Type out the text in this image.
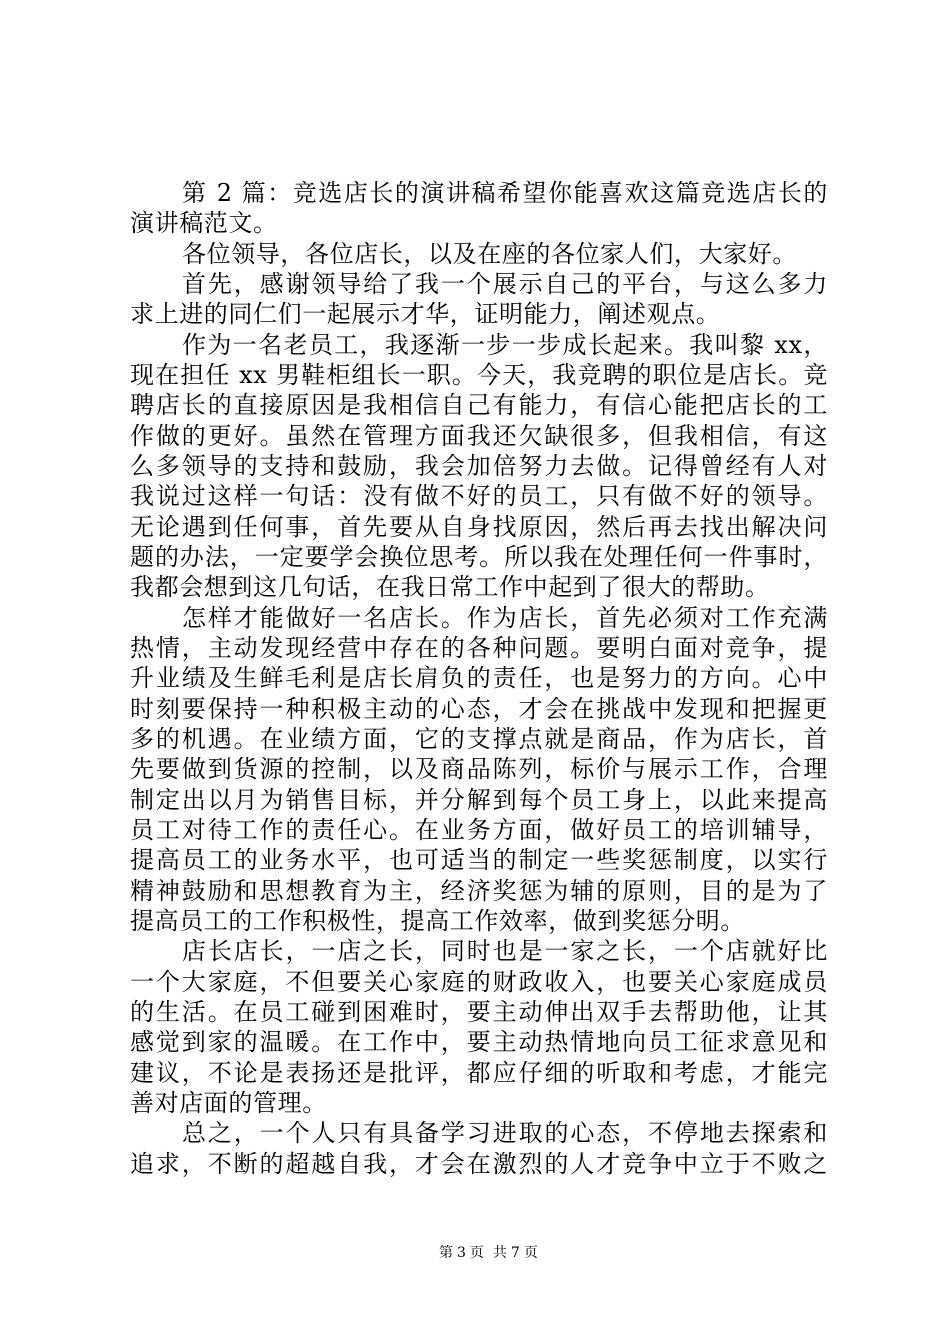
第 2 篇：竞选店长的演讲稿希望你能喜欢这篇竞选店长的
演讲稿范文。
各位领导，各位店长，以及在座的各位家人们，大家好。
首先，感谢领导给了我一个展示自己的平台，与这么多力
求上进的同仁们一起展示才华，证明能力，阐述观点。
作为一名老员工，我逐渐一步一步成长起来。我叫黎 xx，
现在担任 xx 男鞋柜组长一职。今天，我竞聘的职位是店长。竞
聘店长的直接原因是我相信自己有能力，有信心能把店长的工
作做的更好。虽然在管理方面我还欠缺很多，但我相信，有这
么多领导的支持和鼓励，我会加倍努力去做。记得曾经有人对
我说过这样一句话：没有做不好的员工，只有做不好的领导。
无论遇到任何事，首先要从自身找原因，然后再去找出解决问
题的办法，一定要学会换位思考。所以我在处理任何一件事时，
我都会想到这几句话，在我日常工作中起到了很大的帮助。
怎样才能做好一名店长。作为店长，首先必须对工作充满
热情，主动发现经营中存在的各种问题。要明白面对竞争，提
升业绩及生鲜毛利是店长肩负的责任，也是努力的方向。心中
时刻要保持一种积极主动的心态，才会在挑战中发现和把握更
多的机遇。在业绩方面，它的支撑点就是商品，作为店长，首
先要做到货源的控制，以及商品陈列，标价与展示工作，合理
制定出以月为销售目标，并分解到每个员工身上，以此来提高
员工对待工作的责任心。在业务方面，做好员工的培训辅导，
提高员工的业务水平，也可适当的制定一些奖惩制度，以实行
精神鼓励和思想教育为主，经济奖惩为辅的原则，目的是为了
提高员工的工作积极性，提高工作效率，做到奖惩分明。
店长店长，一店之长，同时也是一家之长，一个店就好比
一个大家庭，不但要关心家庭的财政收入，也要关心家庭成员
的生活。在员工碰到困难时，要主动伸出双手去帮助他，让其
感觉到家的温暖。在工作中，要主动热情地向员工征求意见和
建议，不论是表扬还是批评，都应仔细的听取和考虑，才能完
善对店面的管理。
总之，一个人只有具备学习进取的心态，不停地去探索和
追求，不断的超越自我，才会在激烈的人才竞争中立于不败之
第 3 页 共 7 页
